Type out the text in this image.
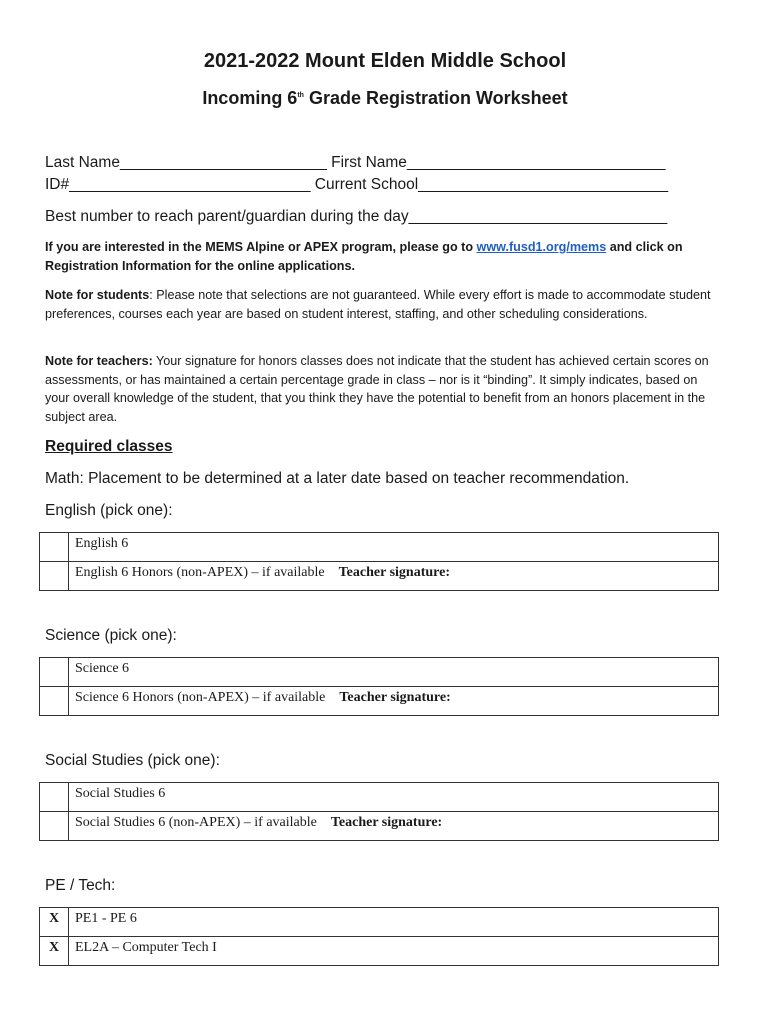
2021-2022 Mount Elden Middle School
Incoming 6th Grade Registration Worksheet
Last Name________________________ First Name______________________________
ID#____________________________ Current School_____________________________
Best number to reach parent/guardian during the day______________________________
If you are interested in the MEMS Alpine or APEX program, please go to www.fusd1.org/mems and click on Registration Information for the online applications.
Note for students: Please note that selections are not guaranteed. While every effort is made to accommodate student preferences, courses each year are based on student interest, staffing, and other scheduling considerations.
Note for teachers: Your signature for honors classes does not indicate that the student has achieved certain scores on assessments, or has maintained a certain percentage grade in class – nor is it “binding”. It simply indicates, based on your overall knowledge of the student, that you think they have the potential to benefit from an honors placement in the subject area.
Required classes
Math: Placement to be determined at a later date based on teacher recommendation.
English (pick one):
	English 6
	English 6 Honors (non-APEX) – if available Teacher signature:
Science (pick one):
	Science 6
	Science 6 Honors (non-APEX) – if available Teacher signature:
Social Studies (pick one):
	Social Studies 6
	Social Studies 6 (non-APEX) – if available Teacher signature:
PE / Tech:
X	PE1 - PE 6
X	EL2A – Computer Tech I
